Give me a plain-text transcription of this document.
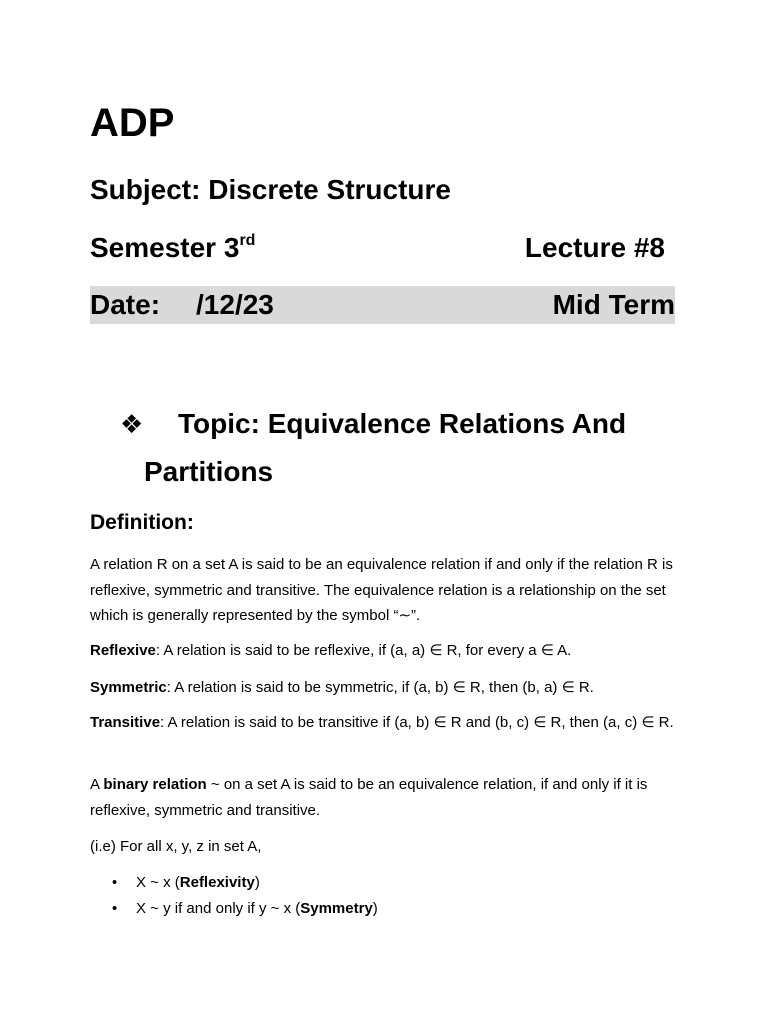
ADP
Subject: Discrete Structure
Semester 3rd	Lecture #8
Date: /12/23	Mid Term
❖ Topic: Equivalence Relations And
Partitions
Definition:

A relation R on a set A is said to be an equivalence relation if and only if the relation R is reflexive, symmetric and transitive. The equivalence relation is a relationship on the set which is generally represented by the symbol “∼”.

Reflexive: A relation is said to be reflexive, if (a, a) ∈ R, for every a ∈ A.

Symmetric: A relation is said to be symmetric, if (a, b) ∈ R, then (b, a) ∈ R.

Transitive: A relation is said to be transitive if (a, b) ∈ R and (b, c) ∈ R, then (a, c) ∈ R.

A binary relation ~ on a set A is said to be an equivalence relation, if and only if it is reflexive, symmetric and transitive.

(i.e) For all x, y, z in set A,

•	X ~ x (Reflexivity)
•	X ~ y if and only if y ~ x (Symmetry)
